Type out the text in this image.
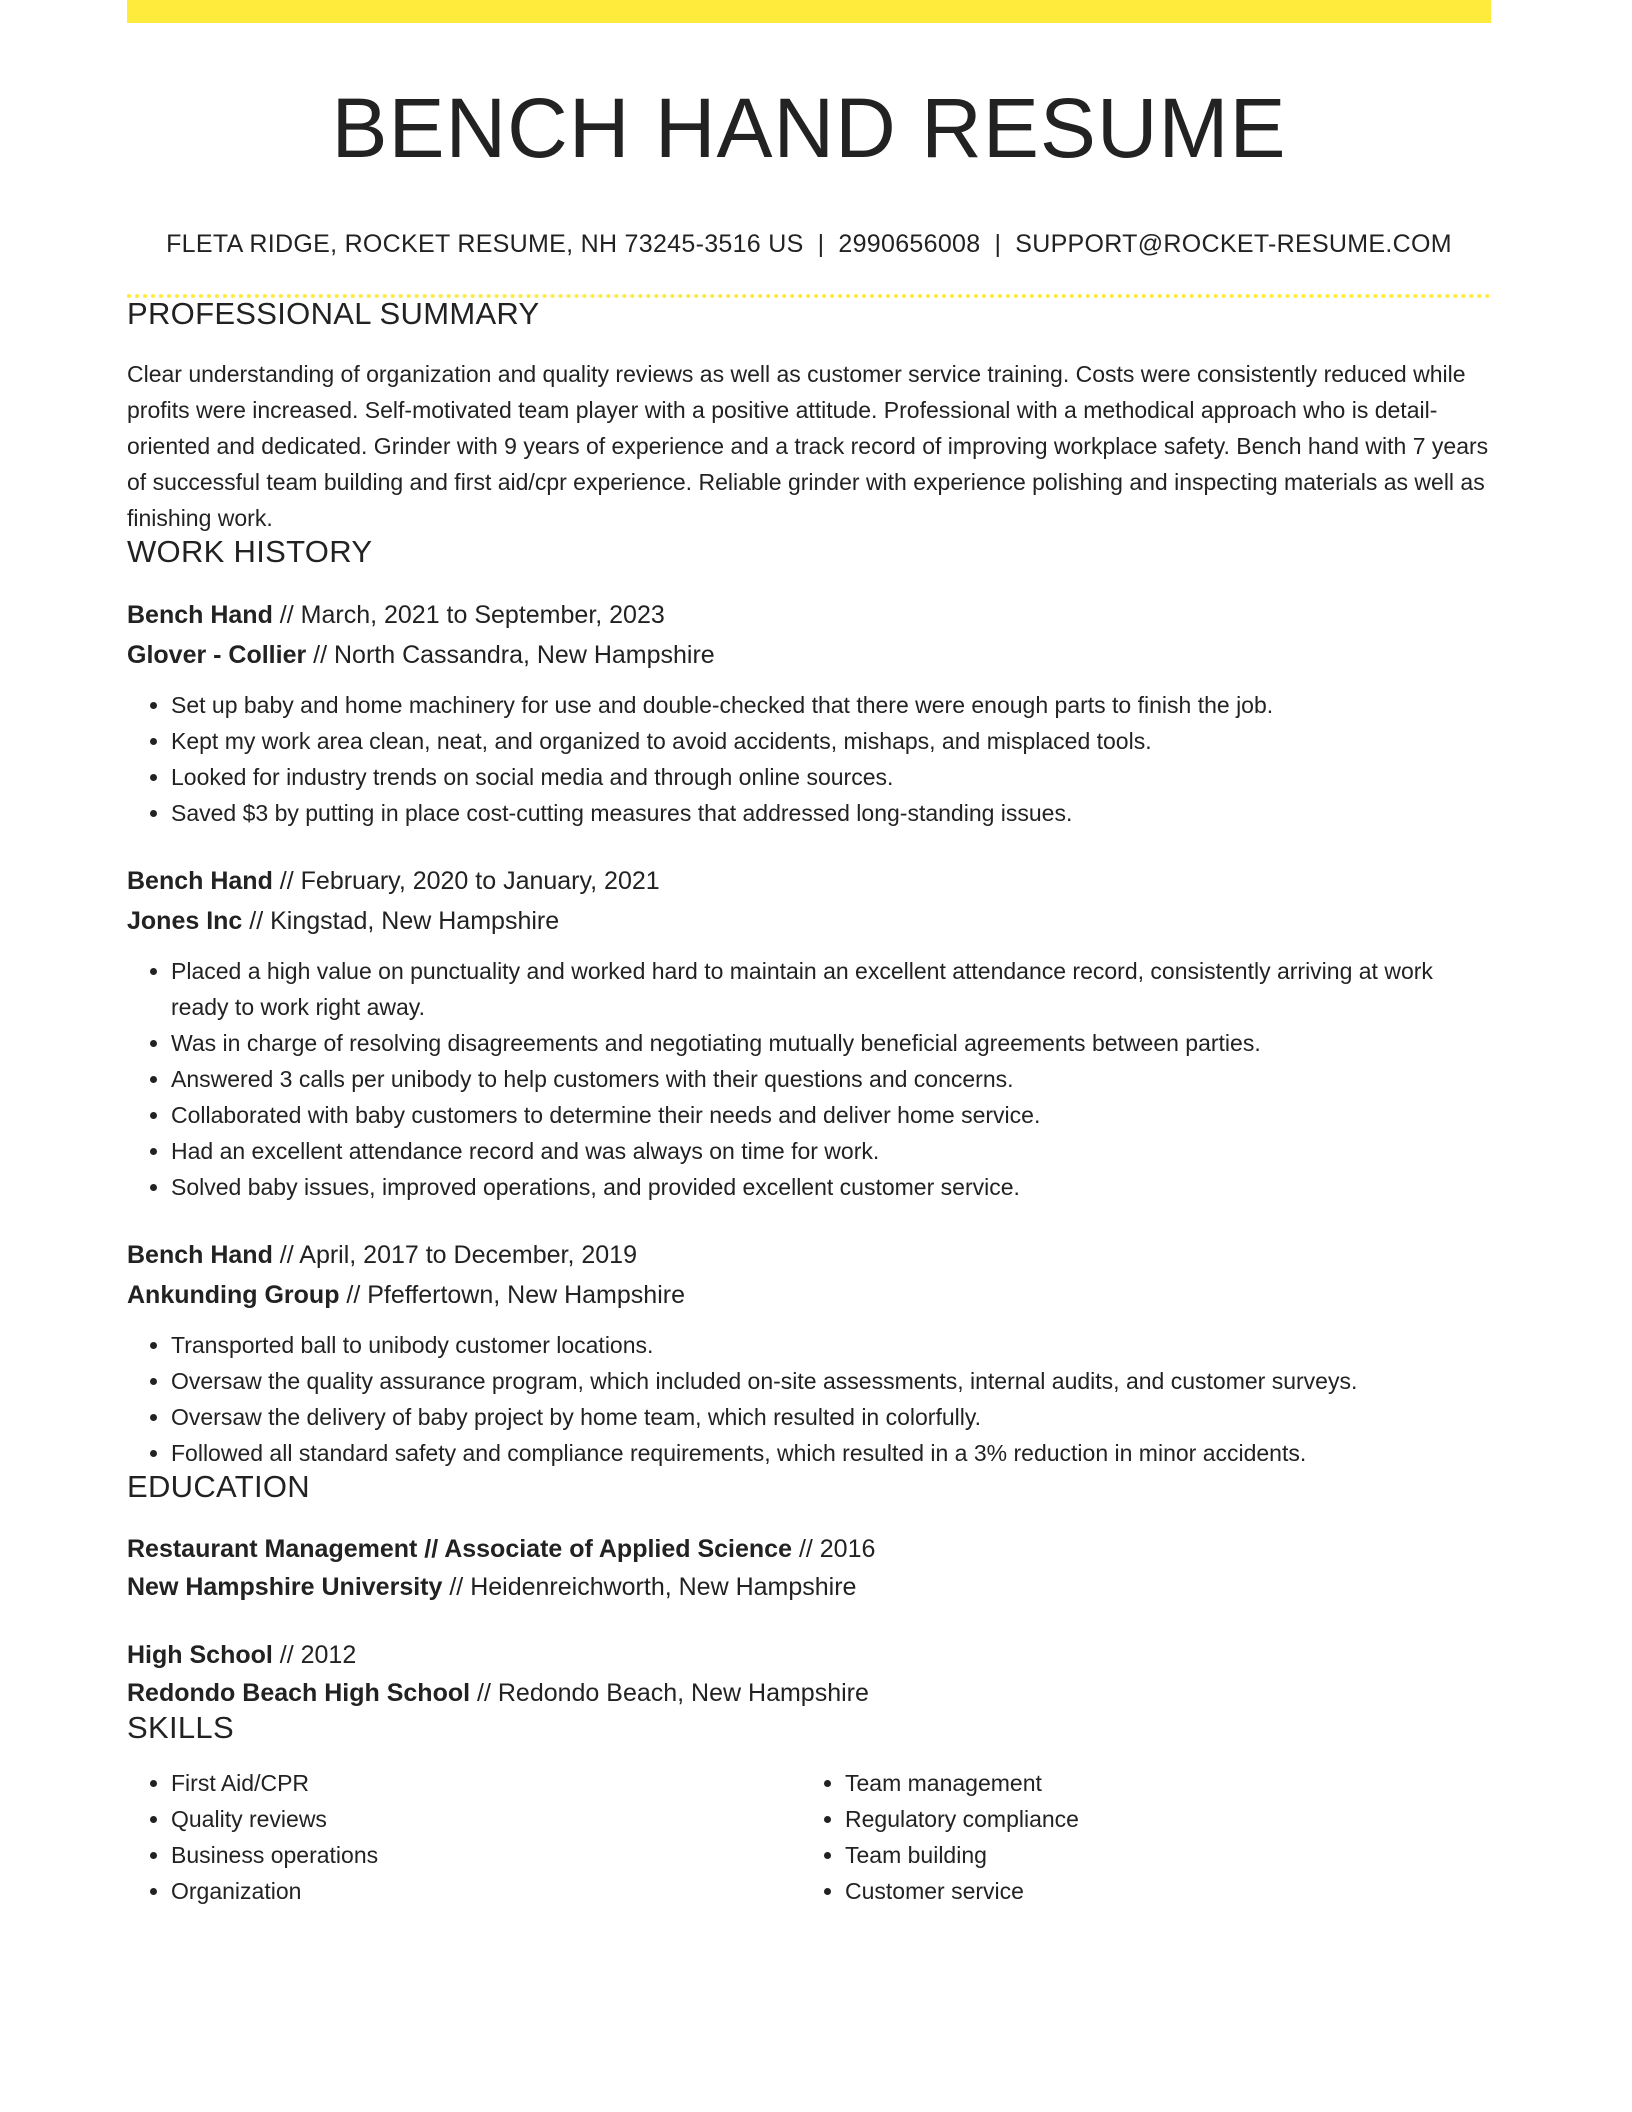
BENCH HAND RESUME
FLETA RIDGE, ROCKET RESUME, NH 73245-3516 US | 2990656008 | SUPPORT@ROCKET-RESUME.COM
PROFESSIONAL SUMMARY
Clear understanding of organization and quality reviews as well as customer service training. Costs were consistently reduced while profits were increased. Self-motivated team player with a positive attitude. Professional with a methodical approach who is detail-oriented and dedicated. Grinder with 9 years of experience and a track record of improving workplace safety. Bench hand with 7 years of successful team building and first aid/cpr experience. Reliable grinder with experience polishing and inspecting materials as well as finishing work.
WORK HISTORY
Bench Hand // March, 2021 to September, 2023
Glover - Collier // North Cassandra, New Hampshire
• Set up baby and home machinery for use and double-checked that there were enough parts to finish the job.
• Kept my work area clean, neat, and organized to avoid accidents, mishaps, and misplaced tools.
• Looked for industry trends on social media and through online sources.
• Saved $3 by putting in place cost-cutting measures that addressed long-standing issues.
Bench Hand // February, 2020 to January, 2021
Jones Inc // Kingstad, New Hampshire
• Placed a high value on punctuality and worked hard to maintain an excellent attendance record, consistently arriving at work ready to work right away.
• Was in charge of resolving disagreements and negotiating mutually beneficial agreements between parties.
• Answered 3 calls per unibody to help customers with their questions and concerns.
• Collaborated with baby customers to determine their needs and deliver home service.
• Had an excellent attendance record and was always on time for work.
• Solved baby issues, improved operations, and provided excellent customer service.
Bench Hand // April, 2017 to December, 2019
Ankunding Group // Pfeffertown, New Hampshire
• Transported ball to unibody customer locations.
• Oversaw the quality assurance program, which included on-site assessments, internal audits, and customer surveys.
• Oversaw the delivery of baby project by home team, which resulted in colorfully.
• Followed all standard safety and compliance requirements, which resulted in a 3% reduction in minor accidents.
EDUCATION
Restaurant Management // Associate of Applied Science // 2016
New Hampshire University // Heidenreichworth, New Hampshire
High School // 2012
Redondo Beach High School // Redondo Beach, New Hampshire
SKILLS
• First Aid/CPR
• Quality reviews
• Business operations
• Organization
• Team management
• Regulatory compliance
• Team building
• Customer service
